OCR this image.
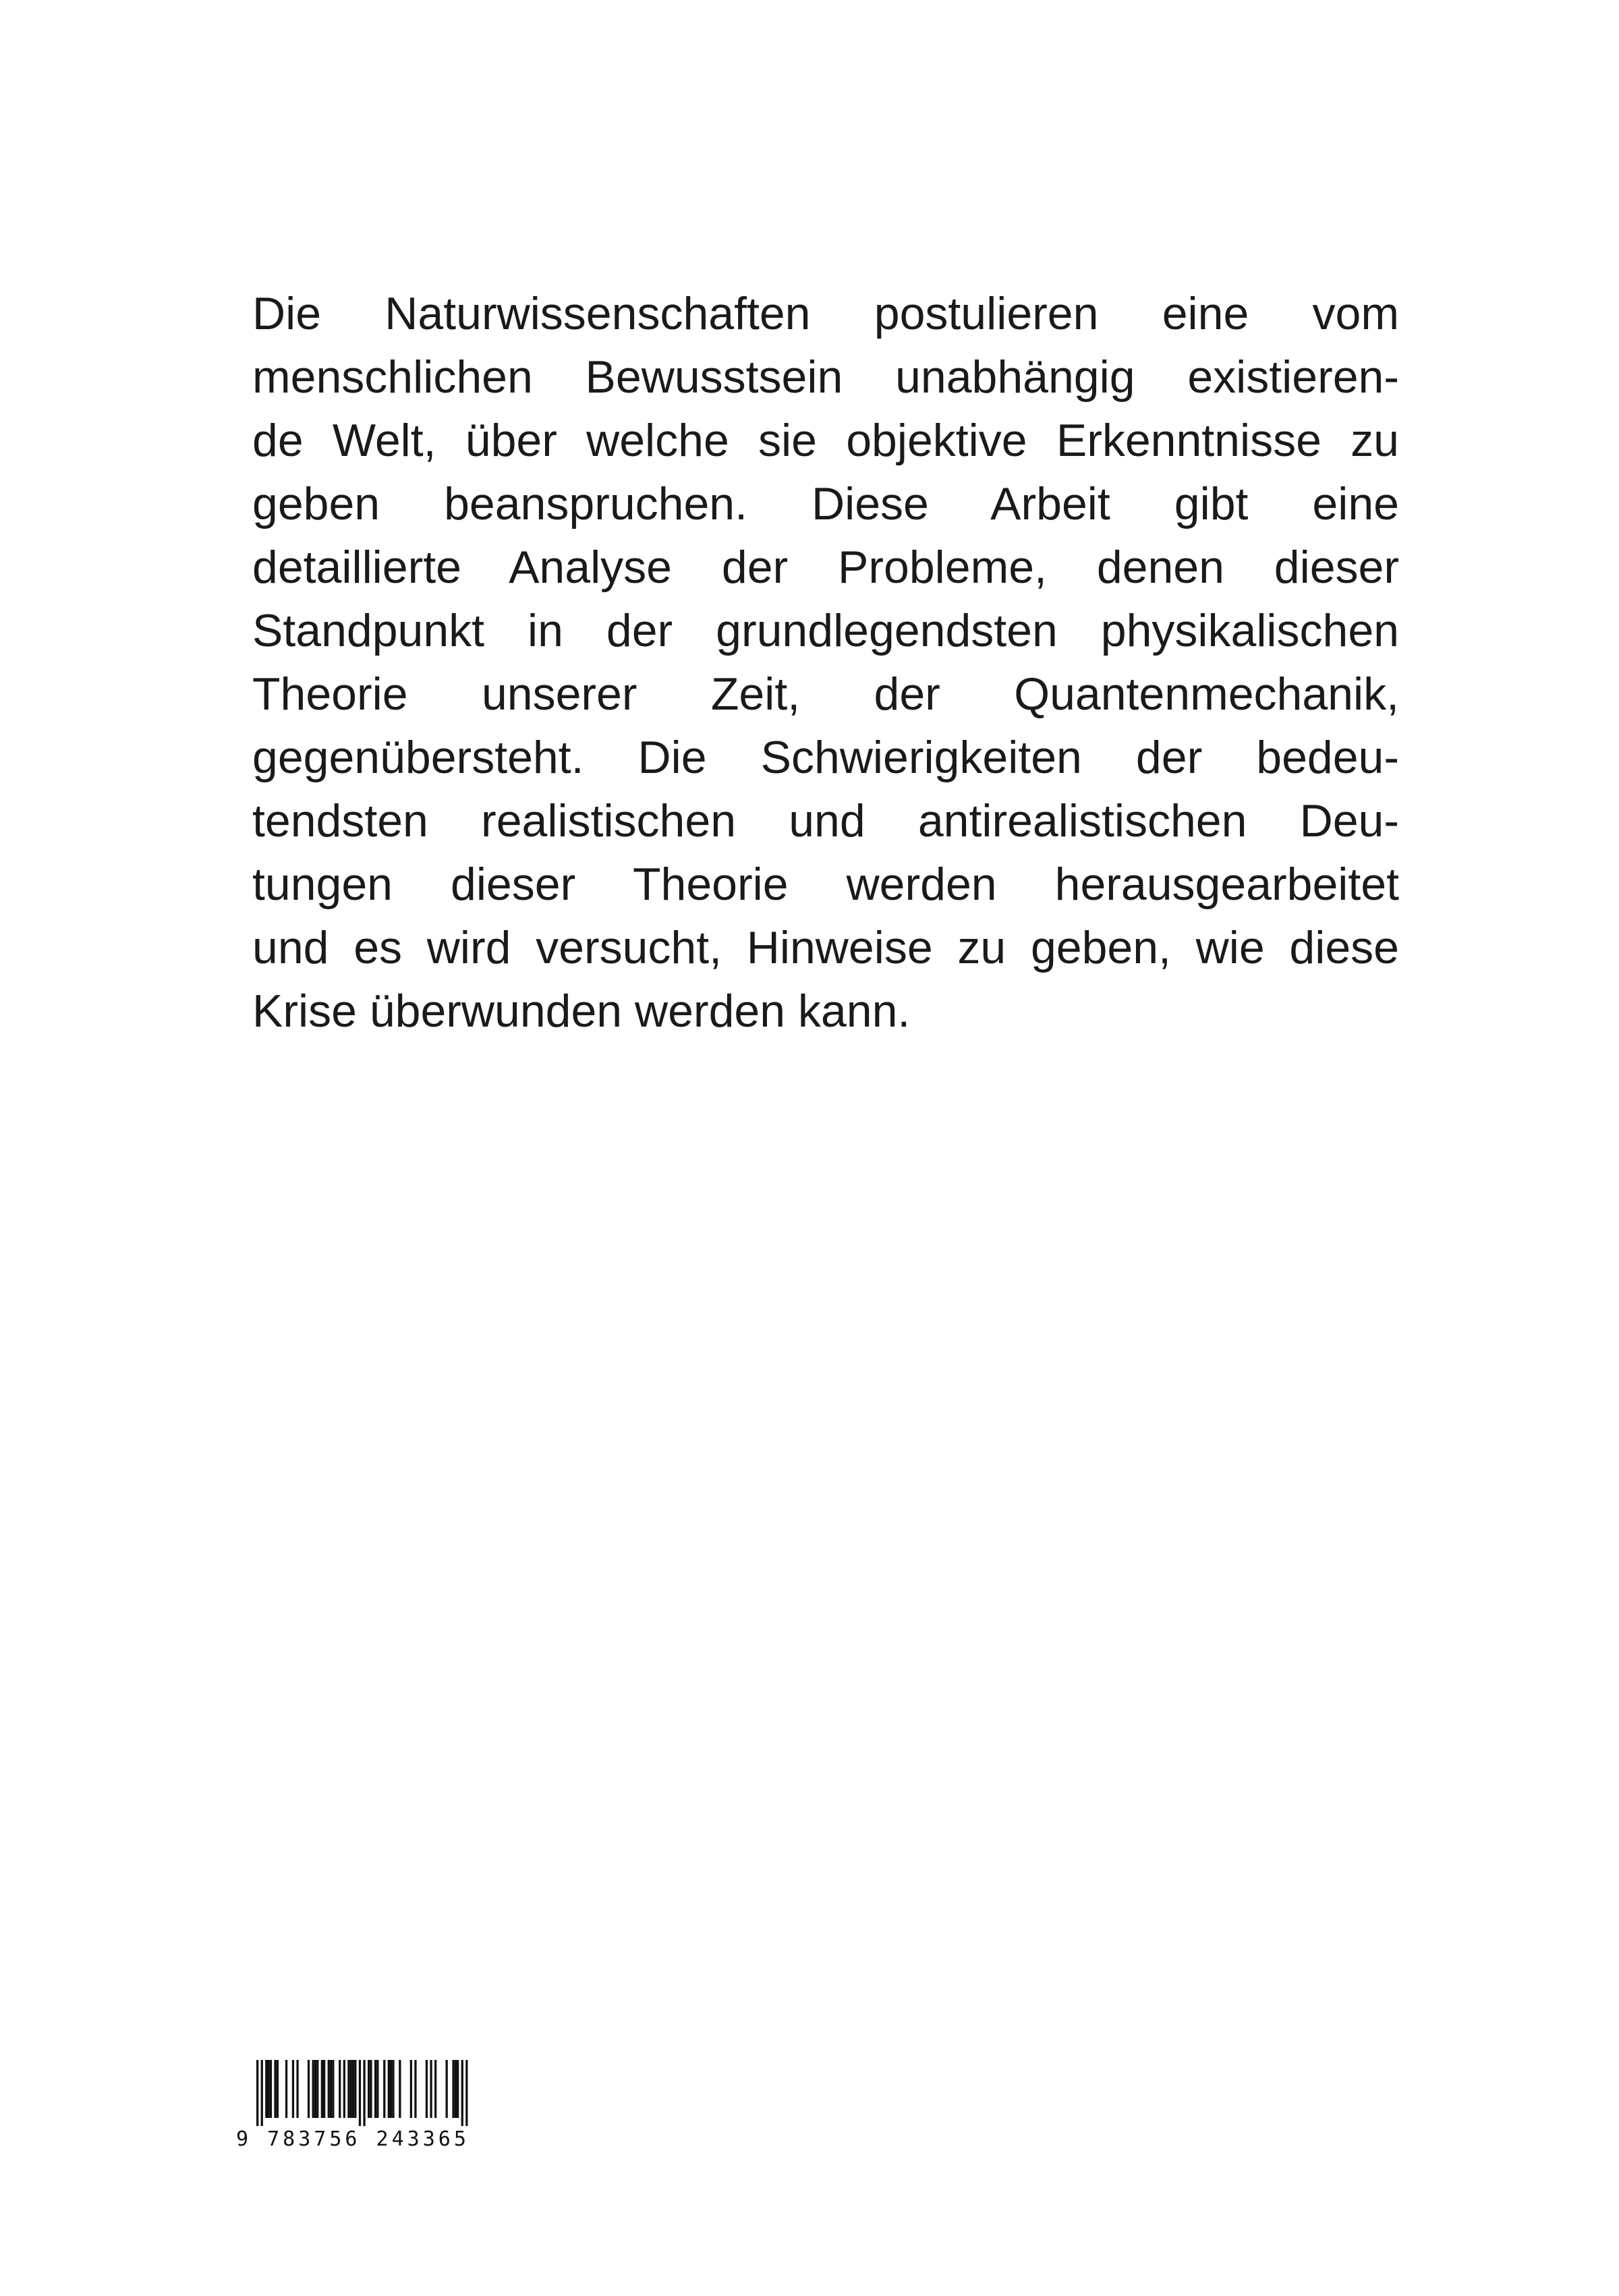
Die Naturwissenschaften postulieren eine vom
menschlichen Bewusstsein unabhängig existieren-
de Welt, über welche sie objektive Erkenntnisse zu
geben beanspruchen. Diese Arbeit gibt eine
detaillierte Analyse der Probleme, denen dieser
Standpunkt in der grundlegendsten physikalischen
Theorie unserer Zeit, der Quantenmechanik,
gegenübersteht. Die Schwierigkeiten der bedeu-
tendsten realistischen und antirealistischen Deu-
tungen dieser Theorie werden herausgearbeitet
und es wird versucht, Hinweise zu geben, wie diese
Krise überwunden werden kann.
9 783756 243365
